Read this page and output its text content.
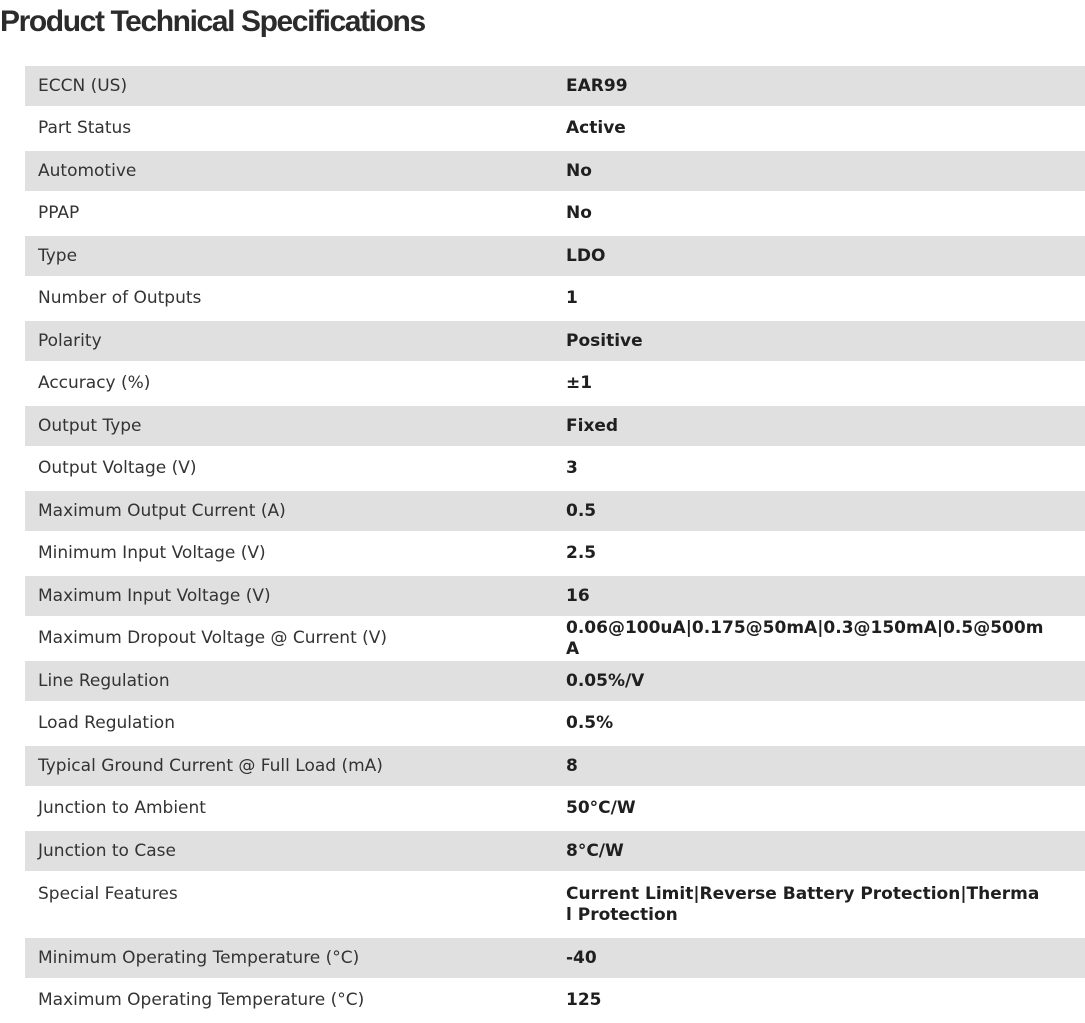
Product Technical Specifications
ECCN (US)	EAR99
Part Status	Active
Automotive	No
PPAP	No
Type	LDO
Number of Outputs	1
Polarity	Positive
Accuracy (%)	±1
Output Type	Fixed
Output Voltage (V)	3
Maximum Output Current (A)	0.5
Minimum Input Voltage (V)	2.5
Maximum Input Voltage (V)	16
Maximum Dropout Voltage @ Current (V)	0.06@100uA|0.175@50mA|0.3@150mA|0.5@500mA
Line Regulation	0.05%/V
Load Regulation	0.5%
Typical Ground Current @ Full Load (mA)	8
Junction to Ambient	50°C/W
Junction to Case	8°C/W
Special Features	Current Limit|Reverse Battery Protection|Thermal Protection
Minimum Operating Temperature (°C)	-40
Maximum Operating Temperature (°C)	125
